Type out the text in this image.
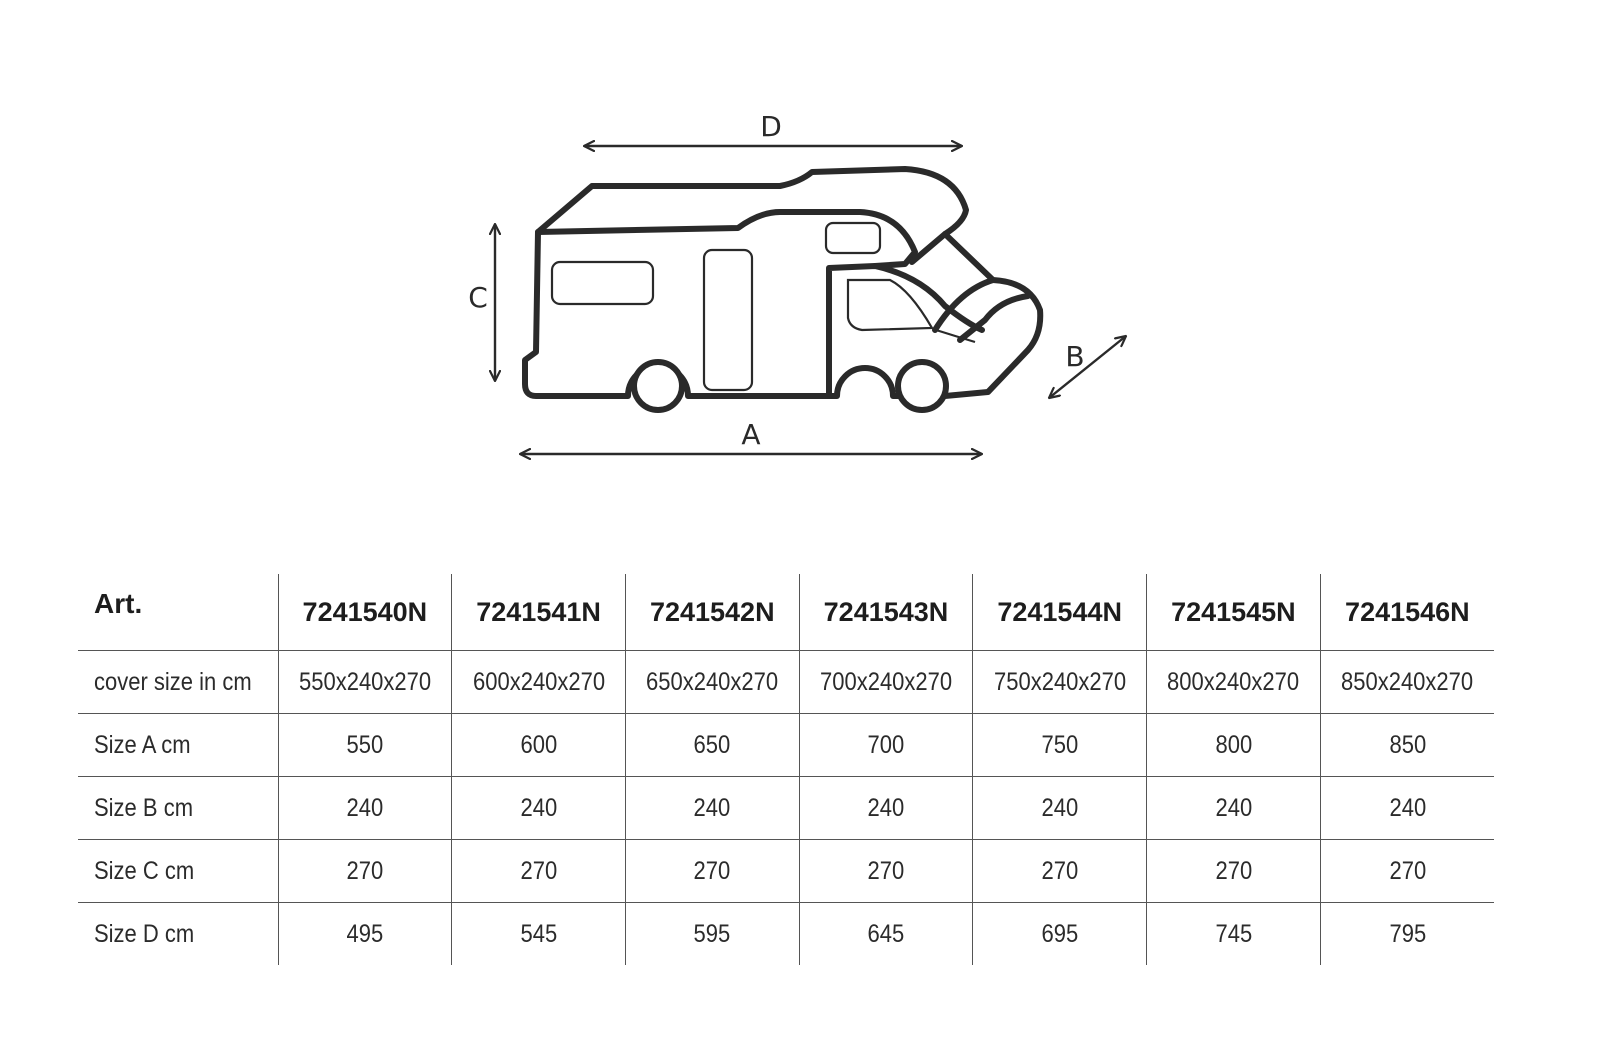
D
C
A
B
Art.	7241540N	7241541N	7241542N	7241543N	7241544N	7241545N	7241546N
cover size in cm	550x240x270	600x240x270	650x240x270	700x240x270	750x240x270	800x240x270	850x240x270
Size A cm	550	600	650	700	750	800	850
Size B cm	240	240	240	240	240	240	240
Size C cm	270	270	270	270	270	270	270
Size D cm	495	545	595	645	695	745	795
